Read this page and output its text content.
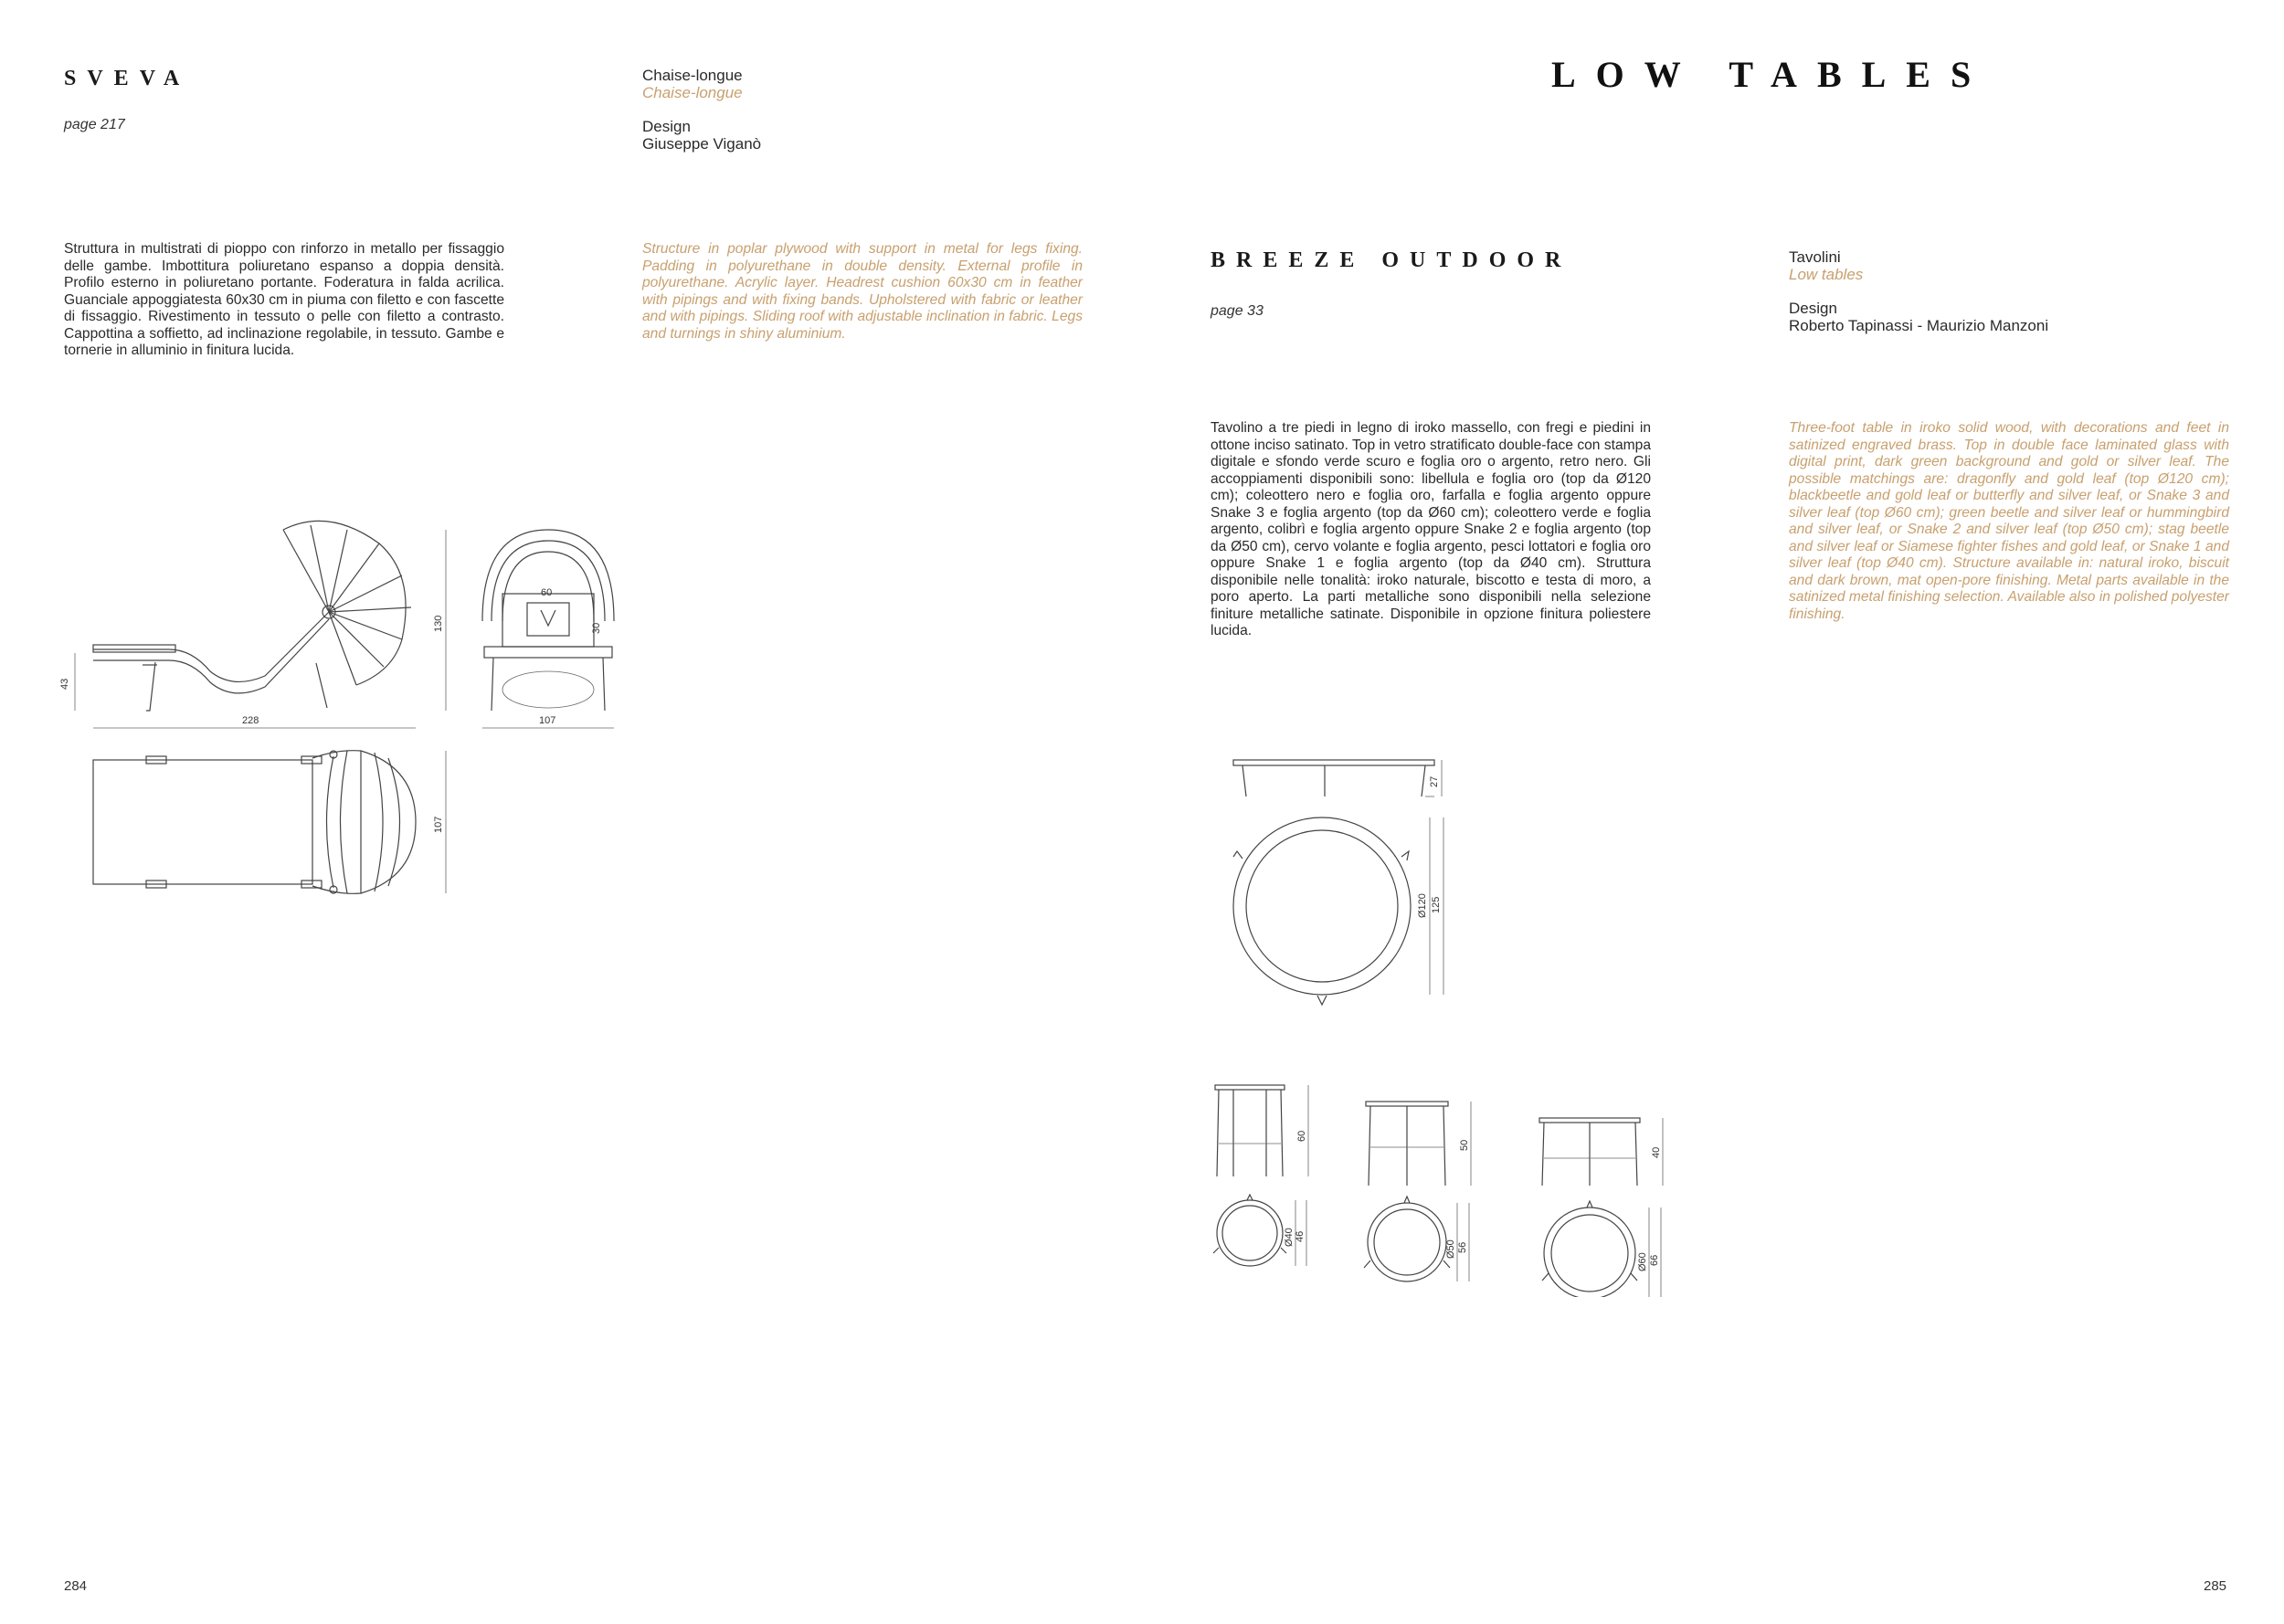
SVEVA
page 217
Chaise-longue
Chaise-longue
Design
Giuseppe Viganò
Struttura in multistrati di pioppo con rinforzo in metallo per fissaggio delle gambe. Imbottitura poliuretano espanso a doppia densità. Profilo esterno in poliuretano portante. Foderatura in falda acrilica. Guanciale appoggiatesta 60x30 cm in piuma con filetto e con fascette di fissaggio. Rivestimento in tessuto o pelle con filetto a contrasto. Cappottina a soffietto, ad inclinazione regolabile, in tessuto. Gambe e tornerie in alluminio in finitura lucida.
Structure in poplar plywood with support in metal for legs fixing. Padding in polyurethane in double density. External profile in polyurethane. Acrylic layer. Headrest cushion 60x30 cm in feather with pipings and with fixing bands. Upholstered with fabric or leather and with pipings. Sliding roof with adjustable inclination in fabric. Legs and turnings in shiny aluminium.
228
43
130
60
30
107
107
284
LOW TABLES
BREEZE OUTDOOR
page 33
Tavolini
Low tables
Design
Roberto Tapinassi - Maurizio Manzoni
Tavolino a tre piedi in legno di iroko massello, con fregi e piedini in ottone inciso satinato. Top in vetro stratificato double-face con stampa digitale e sfondo verde scuro e foglia oro o argento, retro nero. Gli accoppiamenti disponibili sono: libellula e foglia oro (top da Ø120 cm); coleottero nero e foglia oro, farfalla e foglia argento oppure Snake 3 e foglia argento (top da Ø60 cm); coleottero verde e foglia argento, colibrì e foglia argento oppure Snake 2 e foglia argento (top da Ø50 cm), cervo volante e foglia argento, pesci lottatori e foglia oro oppure Snake 1 e foglia argento (top da Ø40 cm). Struttura disponibile nelle tonalità: iroko naturale, biscotto e testa di moro, a poro aperto. La parti metalliche sono disponibili nella selezione finiture metalliche satinate. Disponibile in opzione finitura poliestere lucida.
Three-foot table in iroko solid wood, with decorations and feet in satinized engraved brass. Top in double face laminated glass with digital print, dark green background and gold or silver leaf. The possible matchings are: dragonfly and gold leaf (top Ø120 cm); blackbeetle and gold leaf or butterfly and silver leaf, or Snake 3 and silver leaf (top Ø60 cm); green beetle and silver leaf or hummingbird and silver leaf, or Snake 2 and silver leaf (top Ø50 cm); stag beetle and silver leaf or Siamese fighter fishes and gold leaf, or Snake 1 and silver leaf (top Ø40 cm). Structure available in: natural iroko, biscuit and dark brown, mat open-pore finishing. Metal parts available in the satinized metal finishing selection. Available also in polished polyester finishing.
27
Ø120 125
60
Ø40 46
50
Ø50 56
40
Ø60 66
285
